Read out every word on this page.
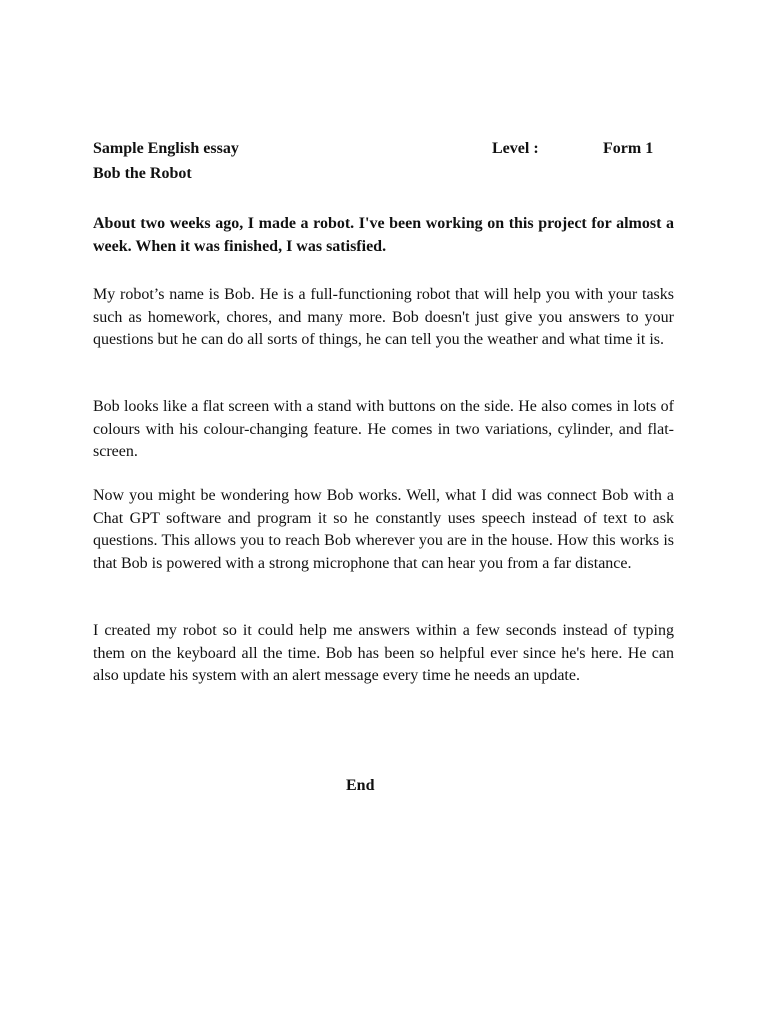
Sample English essay	Level :	Form 1
Bob the Robot

About two weeks ago, I made a robot. I've been working on this project for almost a week. When it was finished, I was satisfied.

My robot’s name is Bob. He is a full-functioning robot that will help you with your tasks such as homework, chores, and many more. Bob doesn't just give you answers to your questions but he can do all sorts of things, he can tell you the weather and what time it is.

Bob looks like a flat screen with a stand with buttons on the side. He also comes in lots of colours with his colour-changing feature. He comes in two variations, cylinder, and flat-screen.

Now you might be wondering how Bob works. Well, what I did was connect Bob with a Chat GPT software and program it so he constantly uses speech instead of text to ask questions. This allows you to reach Bob wherever you are in the house. How this works is that Bob is powered with a strong microphone that can hear you from a far distance.

I created my robot so it could help me answers within a few seconds instead of typing them on the keyboard all the time. Bob has been so helpful ever since he's here. He can also update his system with an alert message every time he needs an update.

End
